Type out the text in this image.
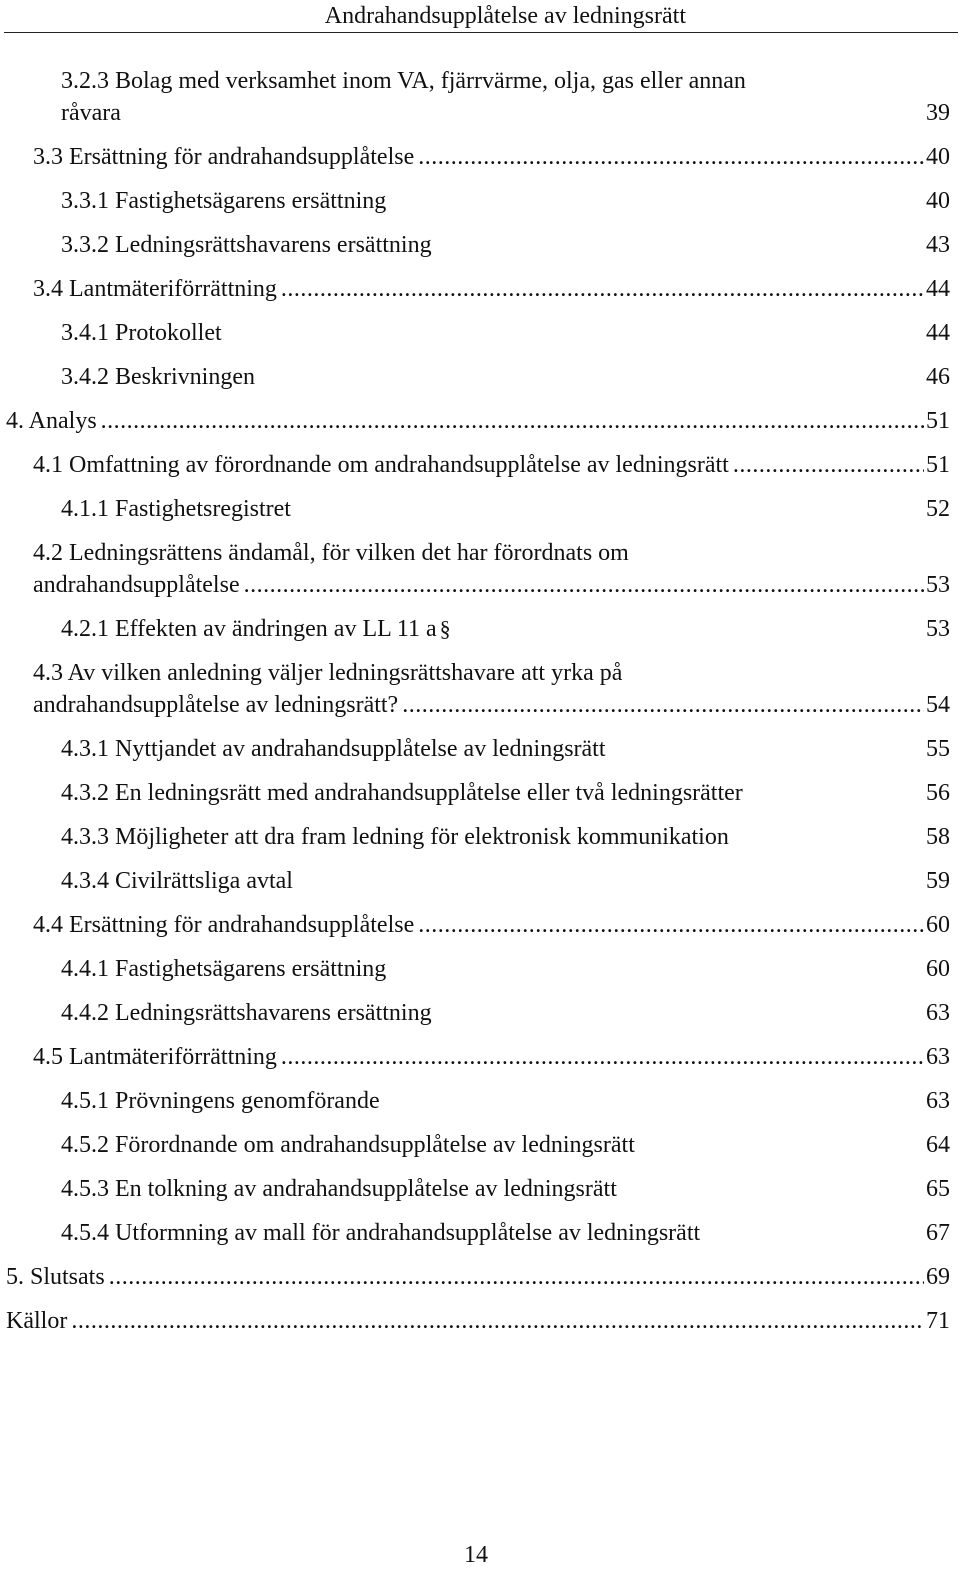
Andrahandsupplåtelse av ledningsrätt
3.2.3 Bolag med verksamhet inom VA, fjärrvärme, olja, gas eller annan
råvara	39
3.3 Ersättning för andrahandsupplåtelse .....	40
3.3.1 Fastighetsägarens ersättning	40
3.3.2 Ledningsrättshavarens ersättning	43
3.4 Lantmäteriförrättning .....	44
3.4.1 Protokollet	44
3.4.2 Beskrivningen	46
4. Analys .....	51
4.1 Omfattning av förordnande om andrahandsupplåtelse av ledningsrätt .....	51
4.1.1 Fastighetsregistret	52
4.2 Ledningsrättens ändamål, för vilken det har förordnats om
andrahandsupplåtelse .....	53
4.2.1 Effekten av ändringen av LL 11 a §	53
4.3 Av vilken anledning väljer ledningsrättshavare att yrka på
andrahandsupplåtelse av ledningsrätt? .....	54
4.3.1 Nyttjandet av andrahandsupplåtelse av ledningsrätt	55
4.3.2 En ledningsrätt med andrahandsupplåtelse eller två ledningsrätter	56
4.3.3 Möjligheter att dra fram ledning för elektronisk kommunikation	58
4.3.4 Civilrättsliga avtal	59
4.4 Ersättning för andrahandsupplåtelse .....	60
4.4.1 Fastighetsägarens ersättning	60
4.4.2 Ledningsrättshavarens ersättning	63
4.5 Lantmäteriförrättning .....	63
4.5.1 Prövningens genomförande	63
4.5.2 Förordnande om andrahandsupplåtelse av ledningsrätt	64
4.5.3 En tolkning av andrahandsupplåtelse av ledningsrätt	65
4.5.4 Utformning av mall för andrahandsupplåtelse av ledningsrätt	67
5. Slutsats .....	69
Källor .....	71
14
